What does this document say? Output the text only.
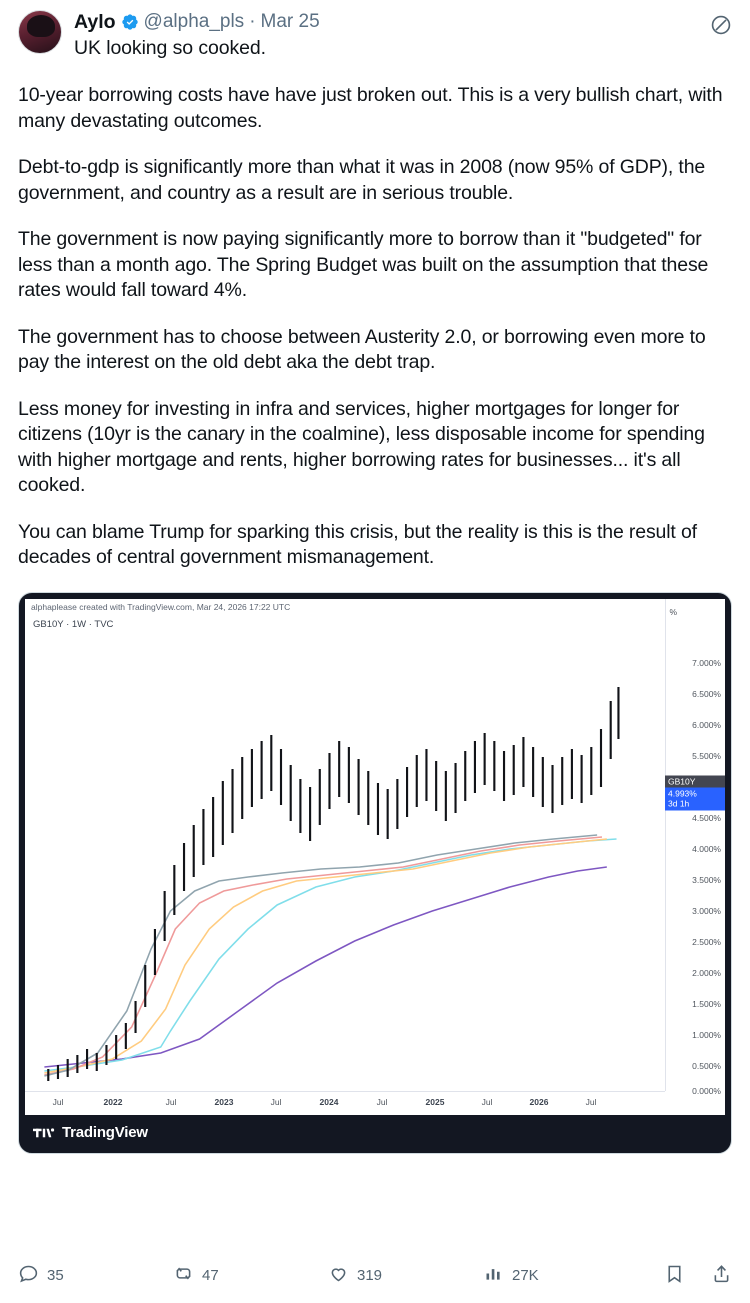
Aylo @alpha_pls · Mar 25
UK looking so cooked.

10-year borrowing costs have have just broken out. This is a very bullish chart, with many devastating outcomes.

Debt-to-gdp is significantly more than what it was in 2008 (now 95% of GDP), the government, and country as a result are in serious trouble.

The government is now paying significantly more to borrow than it "budgeted" for less than a month ago. The Spring Budget was built on the assumption that these rates would fall toward 4%.

The government has to choose between Austerity 2.0, or borrowing even more to pay the interest on the old debt aka the debt trap.

Less money for investing in infra and services, higher mortgages for longer for citizens (10yr is the canary in the coalmine), less disposable income for spending with higher mortgage and rents, higher borrowing rates for businesses... it's all cooked.

You can blame Trump for sparking this crisis, but the reality is this is the result of decades of central government mismanagement.

alphaplease created with TradingView.com, Mar 24, 2026 17:22 UTC
GB10Y · 1W · TVC
%
7.000%
6.500%
6.000%
5.500%
4.500%
4.000%
3.500%
3.000%
2.500%
2.000%
1.500%
1.000%
0.500%
0.000%
GB10Y
4.993%
3d 1h
Jul	2022	Jul	2023	Jul	2024	Jul	2025	Jul	2026	Jul
TradingView
35	47	319	27K
